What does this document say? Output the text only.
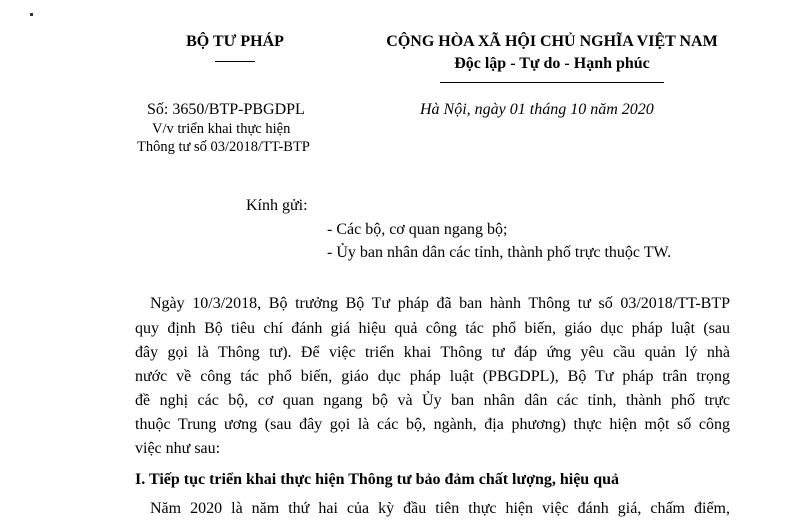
BỘ TƯ PHÁP	CỘNG HÒA XÃ HỘI CHỦ NGHĨA VIỆT NAM
Độc lập - Tự do - Hạnh phúc
Số: 3650/BTP-PBGDPL
V/v triển khai thực hiện
Thông tư số 03/2018/TT-BTP
Hà Nội, ngày 01 tháng 10 năm 2020
Kính gửi:
- Các bộ, cơ quan ngang bộ;
- Ủy ban nhân dân các tỉnh, thành phố trực thuộc TW.
Ngày 10/3/2018, Bộ trưởng Bộ Tư pháp đã ban hành Thông tư số 03/2018/TT-BTP
quy định Bộ tiêu chí đánh giá hiệu quả công tác phổ biến, giáo dục pháp luật (sau
đây gọi là Thông tư). Để việc triển khai Thông tư đáp ứng yêu cầu quản lý nhà
nước về công tác phổ biến, giáo dục pháp luật (PBGDPL), Bộ Tư pháp trân trọng
đề nghị các bộ, cơ quan ngang bộ và Ủy ban nhân dân các tỉnh, thành phố trực
thuộc Trung ương (sau đây gọi là các bộ, ngành, địa phương) thực hiện một số công
việc như sau:
I. Tiếp tục triển khai thực hiện Thông tư bảo đảm chất lượng, hiệu quả
Năm 2020 là năm thứ hai của kỳ đầu tiên thực hiện việc đánh giá, chấm điểm,
